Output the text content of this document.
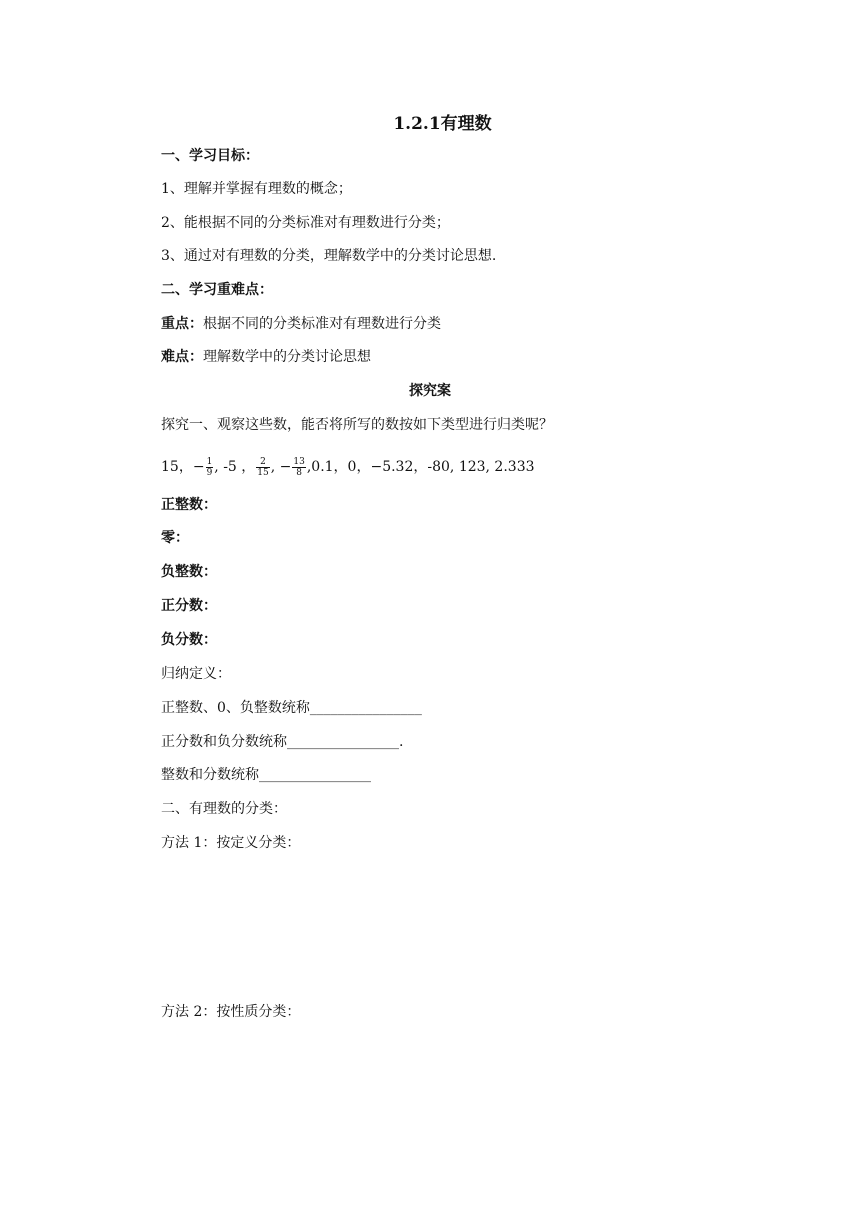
1.2.1有理数
一、学习目标：
1、理解并掌握有理数的概念；
2、能根据不同的分类标准对有理数进行分类；
3、通过对有理数的分类，理解数学中的分类讨论思想.
二、学习重难点：
重点：根据不同的分类标准对有理数进行分类
难点：理解数学中的分类讨论思想
探究案
探究一、观察这些数，能否将所写的数按如下类型进行归类呢？
15，− $\frac{1}{9}$ , -5 ， $\frac{2}{15}$ , − $\frac{13}{8} ,0.1$，0，−5.32，-80, 123, 2.333
正整数：
零：
负整数：
正分数：
负分数：
归纳定义：
正整数、0、负整数统称________________
正分数和负分数统称________________.
整数和分数统称________________
二、有理数的分类：
方法 1：按定义分类：
方法 2：按性质分类：
